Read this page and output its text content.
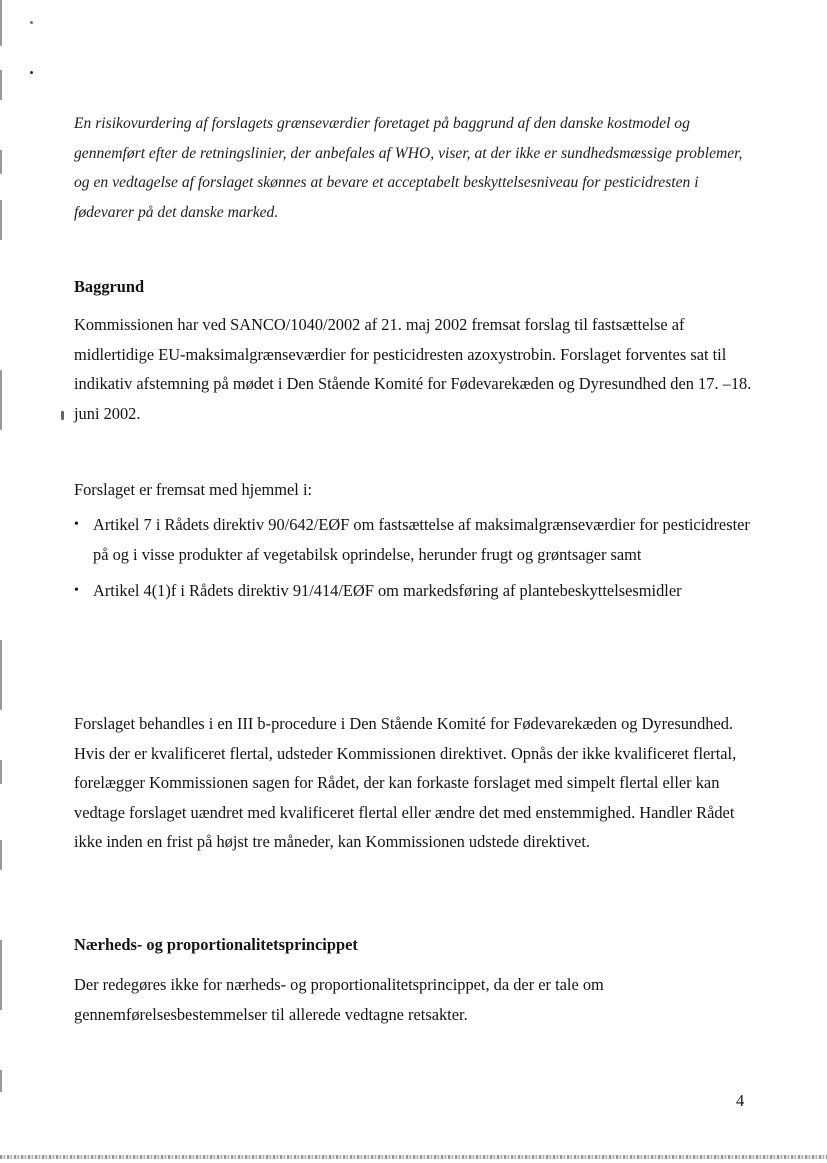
En risikovurdering af forslagets grænseværdier foretaget på baggrund af den danske kostmodel og gennemført efter de retningslinier, der anbefales af WHO, viser, at der ikke er sundhedsmæssige problemer, og en vedtagelse af forslaget skønnes at bevare et acceptabelt beskyttelsesniveau for pesticidresten i fødevarer på det danske marked.
Baggrund
Kommissionen har ved SANCO/1040/2002 af 21. maj 2002 fremsat forslag til fastsættelse af midlertidige EU-maksimalgrænseværdier for pesticidresten azoxystrobin. Forslaget forventes sat til indikativ afstemning på mødet i Den Stående Komité for Fødevarekæden og Dyresundhed den 17. –18. juni 2002.
Forslaget er fremsat med hjemmel i:
• Artikel 7 i Rådets direktiv 90/642/EØF om fastsættelse af maksimalgrænseværdier for pesticidrester på og i visse produkter af vegetabilsk oprindelse, herunder frugt og grøntsager samt
• Artikel 4(1)f i Rådets direktiv 91/414/EØF om markedsføring af plantebeskyttelsesmidler
Forslaget behandles i en III b-procedure i Den Stående Komité for Fødevarekæden og Dyresundhed. Hvis der er kvalificeret flertal, udsteder Kommissionen direktivet. Opnås der ikke kvalificeret flertal, forelægger Kommissionen sagen for Rådet, der kan forkaste forslaget med simpelt flertal eller kan vedtage forslaget uændret med kvalificeret flertal eller ændre det med enstemmighed. Handler Rådet ikke inden en frist på højst tre måneder, kan Kommissionen udstede direktivet.
Nærheds- og proportionalitetsprincippet
Der redegøres ikke for nærheds- og proportionalitetsprincippet, da der er tale om gennemførelsesbestemmelser til allerede vedtagne retsakter.
4
